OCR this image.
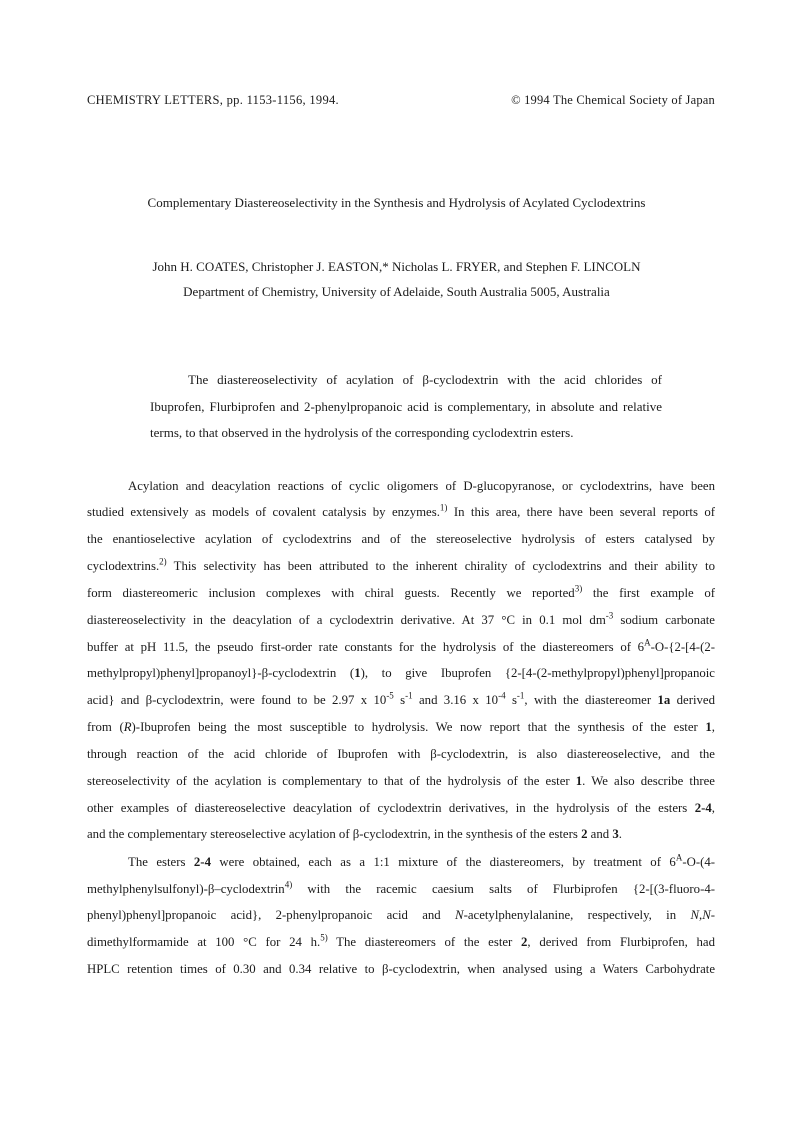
CHEMISTRY LETTERS, pp. 1153-1156, 1994.	© 1994 The Chemical Society of Japan
Complementary Diastereoselectivity in the Synthesis and Hydrolysis of Acylated Cyclodextrins
John H. COATES, Christopher J. EASTON,* Nicholas L. FRYER, and Stephen F. LINCOLN
Department of Chemistry, University of Adelaide, South Australia 5005, Australia
The diastereoselectivity of acylation of β-cyclodextrin with the acid chlorides of Ibuprofen, Flurbiprofen and 2-phenylpropanoic acid is complementary, in absolute and relative terms, to that observed in the hydrolysis of the corresponding cyclodextrin esters.
Acylation and deacylation reactions of cyclic oligomers of D-glucopyranose, or cyclodextrins, have been
studied extensively as models of covalent catalysis by enzymes.$^{1)}$ In this area, there have been several reports of
the enantioselective acylation of cyclodextrins and of the stereoselective hydrolysis of esters catalysed by
cyclodextrins.$^{2)}$ This selectivity has been attributed to the inherent chirality of cyclodextrins and their ability to
form diastereomeric inclusion complexes with chiral guests. Recently we reported$^{3)}$ the first example of
diastereoselectivity in the deacylation of a cyclodextrin derivative. At 37 °C in 0.1 mol $dm^{-3}$ sodium carbonate
buffer at pH 11.5, the pseudo first-order rate constants for the hydrolysis of the diastereomers of $6^A-O-\{2-[4-(2-$
methylpropyl)phenyl]propanoyl}-β-cyclodextrin (1), to give Ibuprofen {2-[4-(2-methylpropyl)phenyl]propanoic
acid} and β-cyclodextrin, were found to be 2.97 x $10^{-5}$ $s^{-1}$ and 3.16 x $10^{-4}$ $s^{-1}$, with the diastereomer 1a derived
from (R)-Ibuprofen being the most susceptible to hydrolysis. We now report that the synthesis of the ester 1,
through reaction of the acid chloride of Ibuprofen with β-cyclodextrin, is also diastereoselective, and the
stereoselectivity of the acylation is complementary to that of the hydrolysis of the ester 1. We also describe three
other examples of diastereoselective deacylation of cyclodextrin derivatives, in the hydrolysis of the esters 2-4,
and the complementary stereoselective acylation of β-cyclodextrin, in the synthesis of the esters 2 and 3.
The esters 2-4 were obtained, each as a 1:1 mixture of the diastereomers, by treatment of $6^A-O-(4-$
methylphenylsulfonyl)-β–cyclodextrin$^{4)}$ with the racemic caesium salts of Flurbiprofen {2-[(3-fluoro-4-
phenyl)phenyl]propanoic acid}, 2-phenylpropanoic acid and N-acetylphenylalanine, respectively, in N,N-
dimethylformamide at 100 °C for 24 h.$^{5)}$ The diastereomers of the ester 2, derived from Flurbiprofen, had
HPLC retention times of 0.30 and 0.34 relative to β-cyclodextrin, when analysed using a Waters Carbohydrate
